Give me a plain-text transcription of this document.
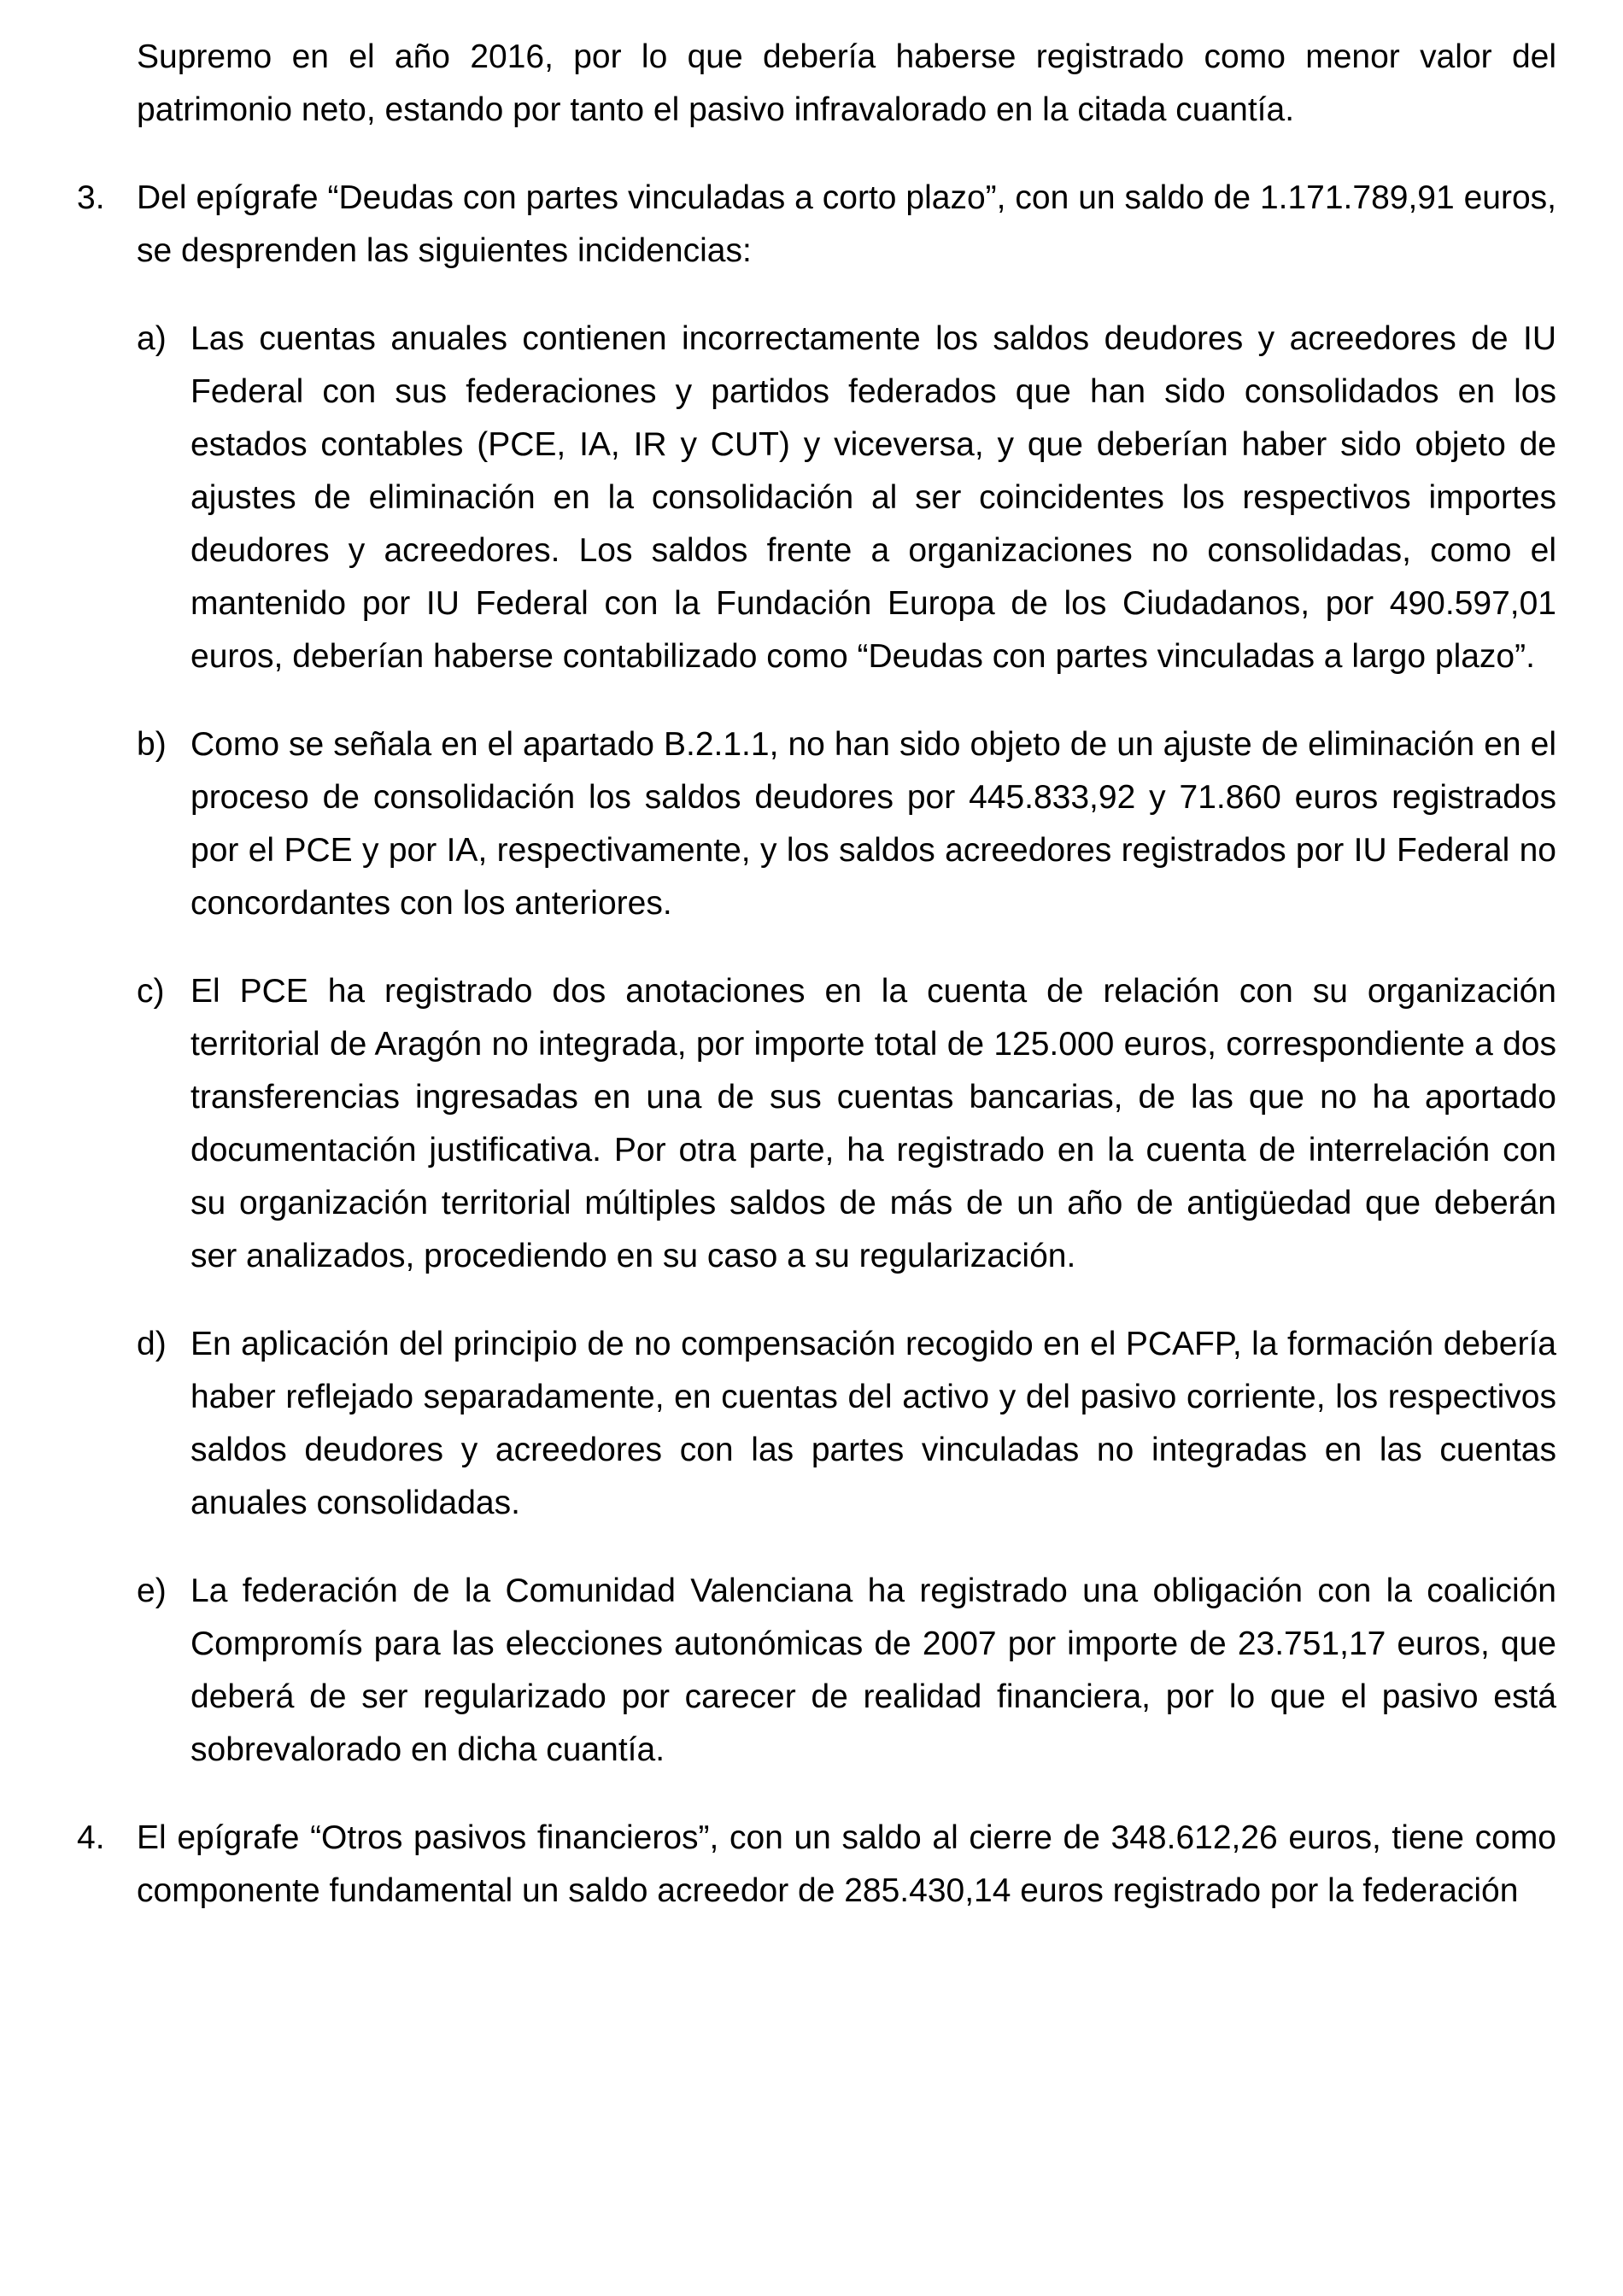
Supremo en el año 2016, por lo que debería haberse registrado como menor valor del patrimonio neto, estando por tanto el pasivo infravalorado en la citada cuantía.

3. Del epígrafe “Deudas con partes vinculadas a corto plazo”, con un saldo de 1.171.789,91 euros, se desprenden las siguientes incidencias:

a) Las cuentas anuales contienen incorrectamente los saldos deudores y acreedores de IU Federal con sus federaciones y partidos federados que han sido consolidados en los estados contables (PCE, IA, IR y CUT) y viceversa, y que deberían haber sido objeto de ajustes de eliminación en la consolidación al ser coincidentes los respectivos importes deudores y acreedores. Los saldos frente a organizaciones no consolidadas, como el mantenido por IU Federal con la Fundación Europa de los Ciudadanos, por 490.597,01 euros, deberían haberse contabilizado como “Deudas con partes vinculadas a largo plazo”.

b) Como se señala en el apartado B.2.1.1, no han sido objeto de un ajuste de eliminación en el proceso de consolidación los saldos deudores por 445.833,92 y 71.860 euros registrados por el PCE y por IA, respectivamente, y los saldos acreedores registrados por IU Federal no concordantes con los anteriores.

c) El PCE ha registrado dos anotaciones en la cuenta de relación con su organización territorial de Aragón no integrada, por importe total de 125.000 euros, correspondiente a dos transferencias ingresadas en una de sus cuentas bancarias, de las que no ha aportado documentación justificativa. Por otra parte, ha registrado en la cuenta de interrelación con su organización territorial múltiples saldos de más de un año de antigüedad que deberán ser analizados, procediendo en su caso a su regularización.

d) En aplicación del principio de no compensación recogido en el PCAFP, la formación debería haber reflejado separadamente, en cuentas del activo y del pasivo corriente, los respectivos saldos deudores y acreedores con las partes vinculadas no integradas en las cuentas anuales consolidadas.

e) La federación de la Comunidad Valenciana ha registrado una obligación con la coalición Compromís para las elecciones autonómicas de 2007 por importe de 23.751,17 euros, que deberá de ser regularizado por carecer de realidad financiera, por lo que el pasivo está sobrevalorado en dicha cuantía.

4. El epígrafe “Otros pasivos financieros”, con un saldo al cierre de 348.612,26 euros, tiene como componente fundamental un saldo acreedor de 285.430,14 euros registrado por la federación
